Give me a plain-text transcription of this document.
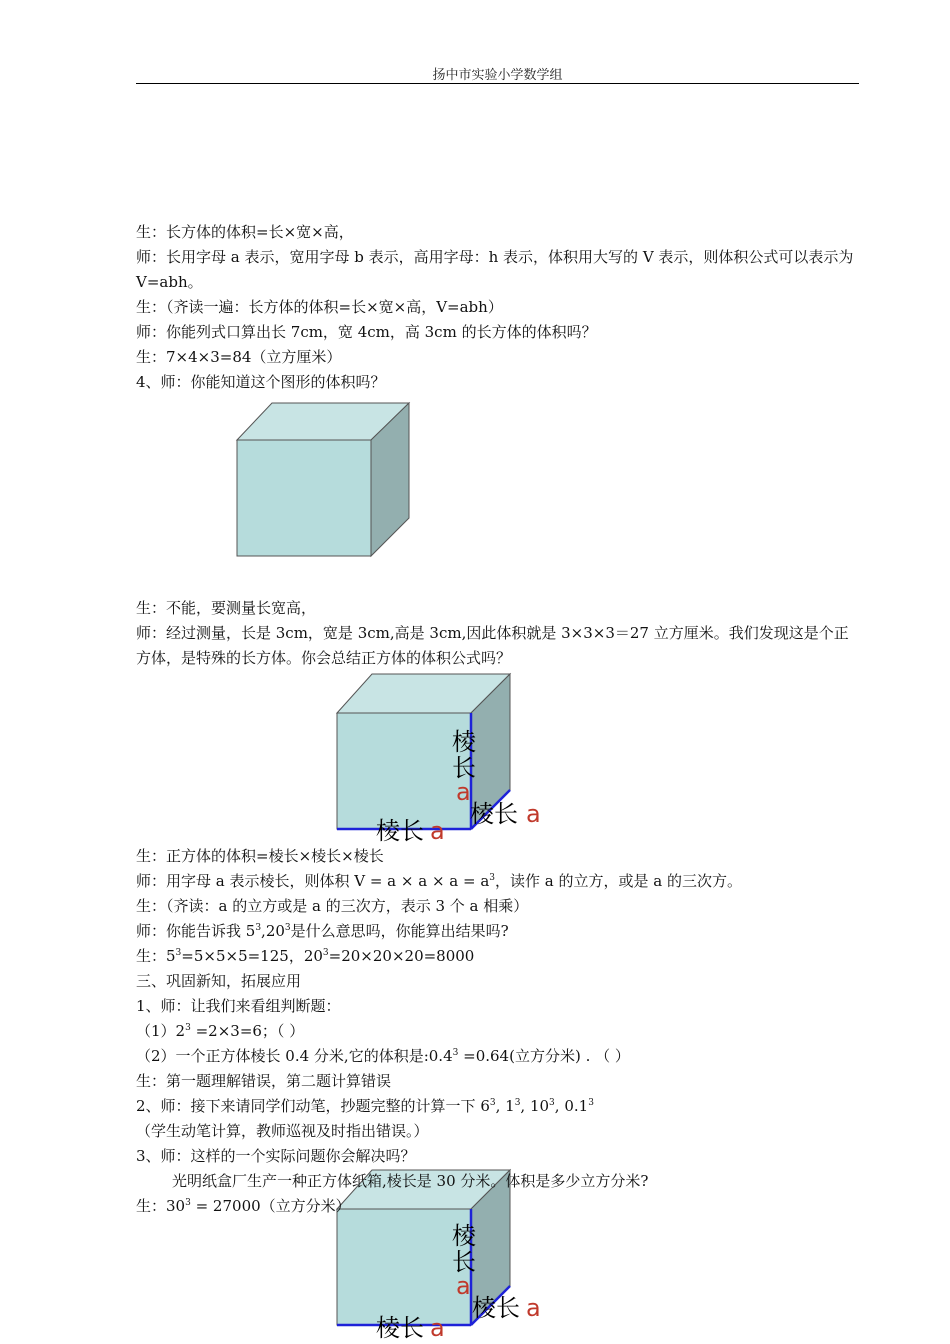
扬中市实验小学数学组
生：长方体的体积=长×宽×高，
师：长用字母 a 表示，宽用字母 b 表示，高用字母：h 表示，体积用大写的 V 表示，则体积公式可以表示为 V=abh。
生：（齐读一遍：长方体的体积=长×宽×高，V=abh）
师：你能列式口算出长 7cm，宽 4cm，高 3cm 的长方体的体积吗？
生：7×4×3=84（立方厘米）
4、师：你能知道这个图形的体积吗？
生：不能，要测量长宽高，
师：经过测量，长是 3cm，宽是 3cm,高是 3cm,因此体积就是 3×3×3＝27 立方厘米。我们发现这是个正方体，是特殊的长方体。你会总结正方体的体积公式吗？
棱
长
a
棱长 a
棱长 a
生：正方体的体积=棱长×棱长×棱长
师：用字母 a 表示棱长，则体积 $V = a \times a \times a = a^3$，读作 a 的立方，或是 a 的三次方。
生：（齐读：a 的立方或是 a 的三次方，表示 3 个 a 相乘）
师：你能告诉我 $5^3,20^3$是什么意思吗，你能算出结果吗?
生：$5^3=5\times 5\times 5=125$，$20^3=20\times 20\times 20=8000$
三、巩固新知，拓展应用
1、师：让我们来看组判断题：
$(1)2^3 =2\times 3=6$；（ ）
（2）一个正方体棱长 0.4 分米,它的体积是$:0.4^3 =0.64$(立方分米) . （ ）
生：第一题理解错误，第二题计算错误
2、师：接下来请同学们动笔，抄题完整的计算一下 $6^3$, $1^3$, $10^3$, $0.1^3$
（学生动笔计算，教师巡视及时指出错误。）
3、师：这样的一个实际问题你会解决吗？
棱
长
a
棱长 a
棱长 a
光明纸盒厂生产一种正方体纸箱,棱长是 30 分米。体积是多少立方分米?
生：$30^3 = 27000$（立方分米）
